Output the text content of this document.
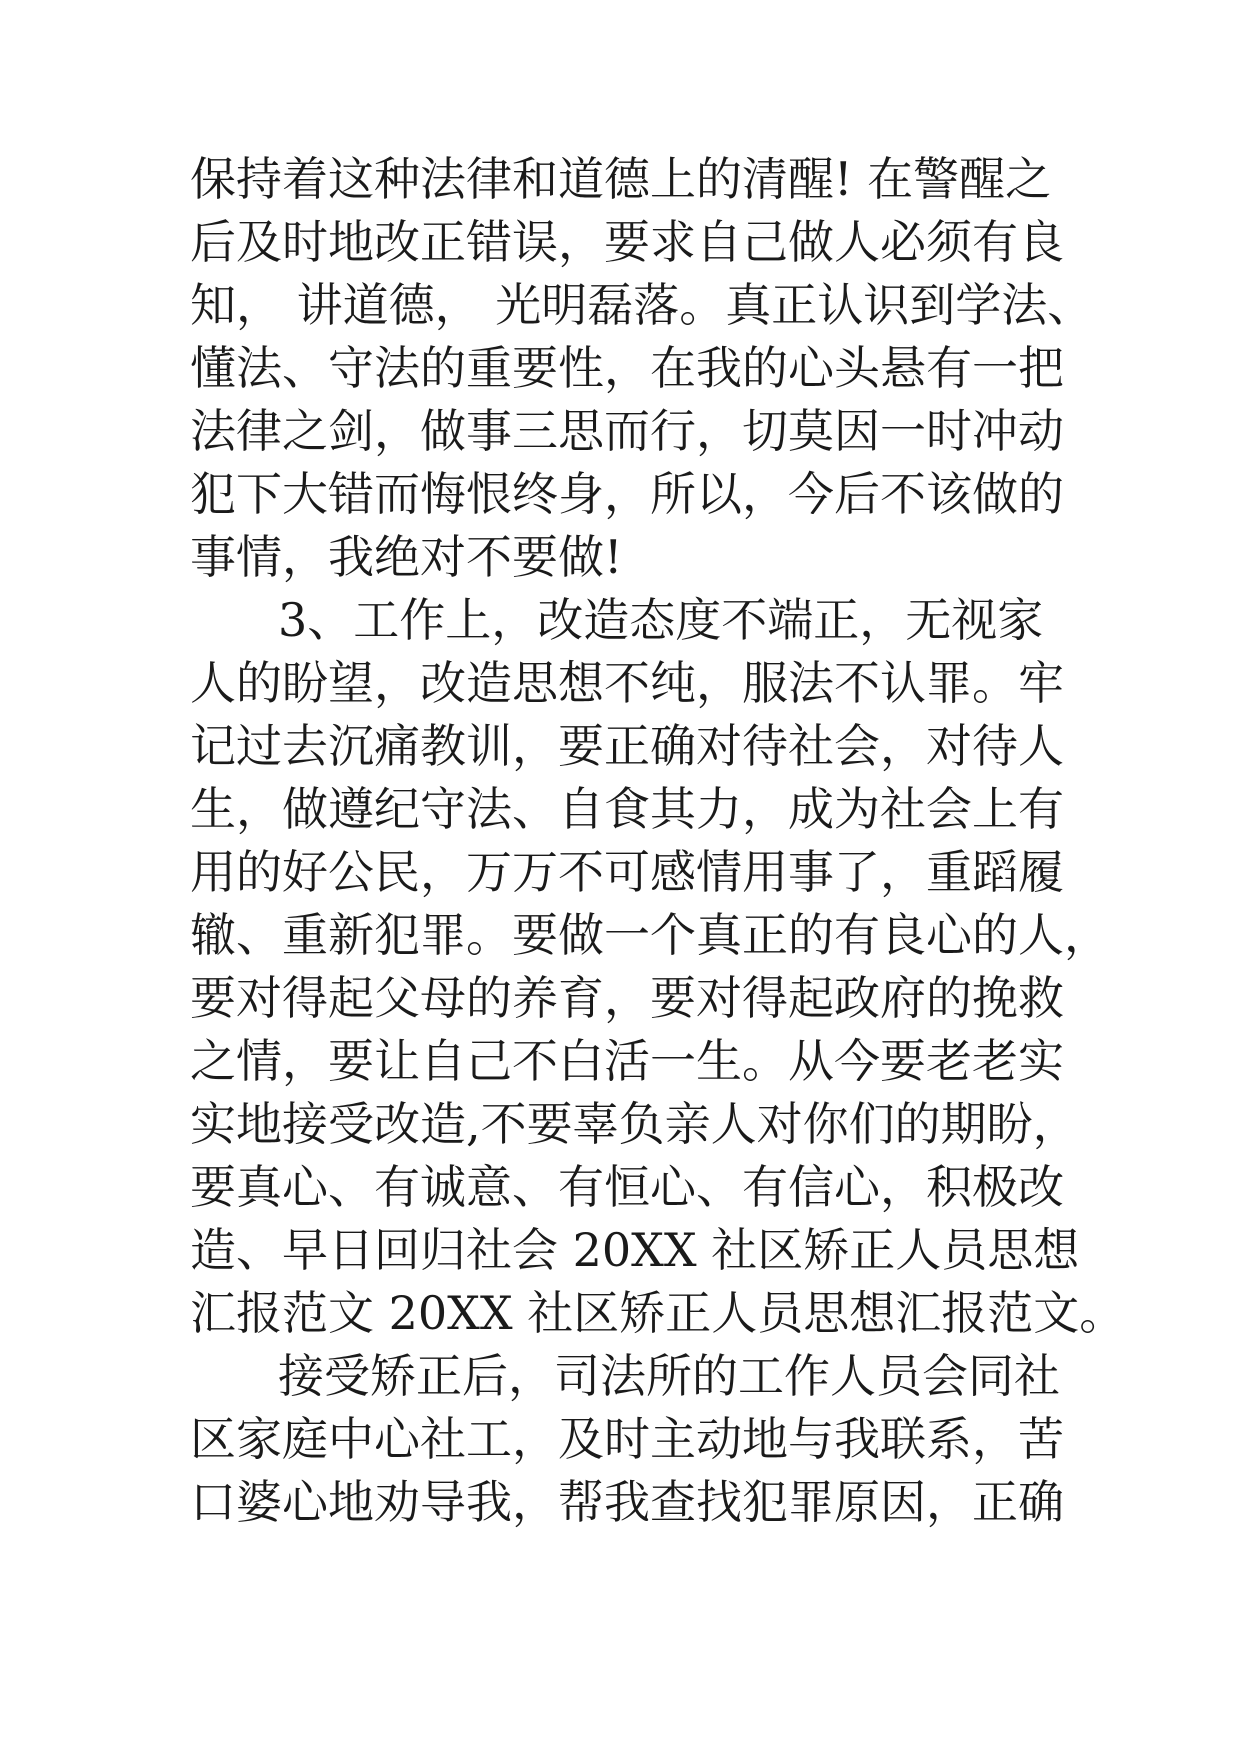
保持着这种法律和道德上的清醒! 在警醒之
后及时地改正错误，要求自己做人必须有良
知， 讲道德， 光明磊落。真正认识到学法、
懂法、守法的重要性，在我的心头悬有一把
法律之剑，做事三思而行，切莫因一时冲动
犯下大错而悔恨终身，所以，今后不该做的
事情，我绝对不要做!
3、工作上，改造态度不端正，无视家
人的盼望，改造思想不纯，服法不认罪。牢
记过去沉痛教训，要正确对待社会，对待人
生，做遵纪守法、自食其力，成为社会上有
用的好公民，万万不可感情用事了，重蹈履
辙、重新犯罪。要做一个真正的有良心的人，
要对得起父母的养育，要对得起政府的挽救
之情，要让自己不白活一生。从今要老老实
实地接受改造,不要辜负亲人对你们的期盼，
要真心、有诚意、有恒心、有信心，积极改
造、早日回归社会 20XX 社区矫正人员思想
汇报范文 20XX 社区矫正人员思想汇报范文。
接受矫正后，司法所的工作人员会同社
区家庭中心社工，及时主动地与我联系，苦
口婆心地劝导我，帮我查找犯罪原因，正确
